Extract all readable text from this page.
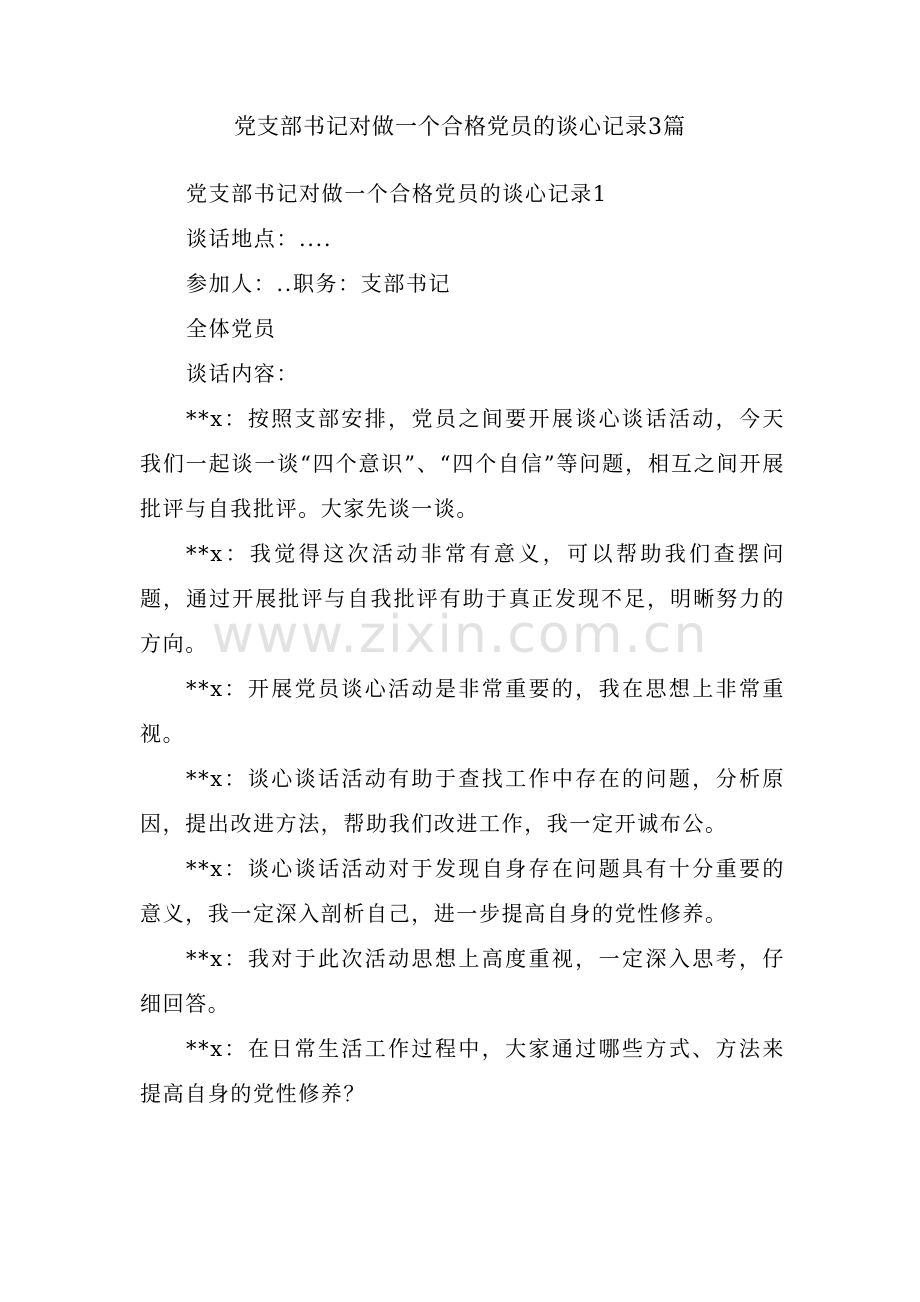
党支部书记对做一个合格党员的谈心记录3篇

党支部书记对做一个合格党员的谈心记录1

谈话地点：....

参加人：..职务：支部书记

全体党员

谈话内容：

**x：按照支部安排，党员之间要开展谈心谈话活动，今天我们一起谈一谈“四个意识”、“四个自信”等问题，相互之间开展批评与自我批评。大家先谈一谈。

**x：我觉得这次活动非常有意义，可以帮助我们查摆问题，通过开展批评与自我批评有助于真正发现不足，明晰努力的方向。

**x：开展党员谈心活动是非常重要的，我在思想上非常重视。

**x：谈心谈话活动有助于查找工作中存在的问题，分析原因，提出改进方法，帮助我们改进工作，我一定开诚布公。

**x：谈心谈话活动对于发现自身存在问题具有十分重要的意义，我一定深入剖析自己，进一步提高自身的党性修养。

**x：我对于此次活动思想上高度重视，一定深入思考，仔细回答。

**x：在日常生活工作过程中，大家通过哪些方式、方法来提高自身的党性修养？

www.zixin.com.cn
